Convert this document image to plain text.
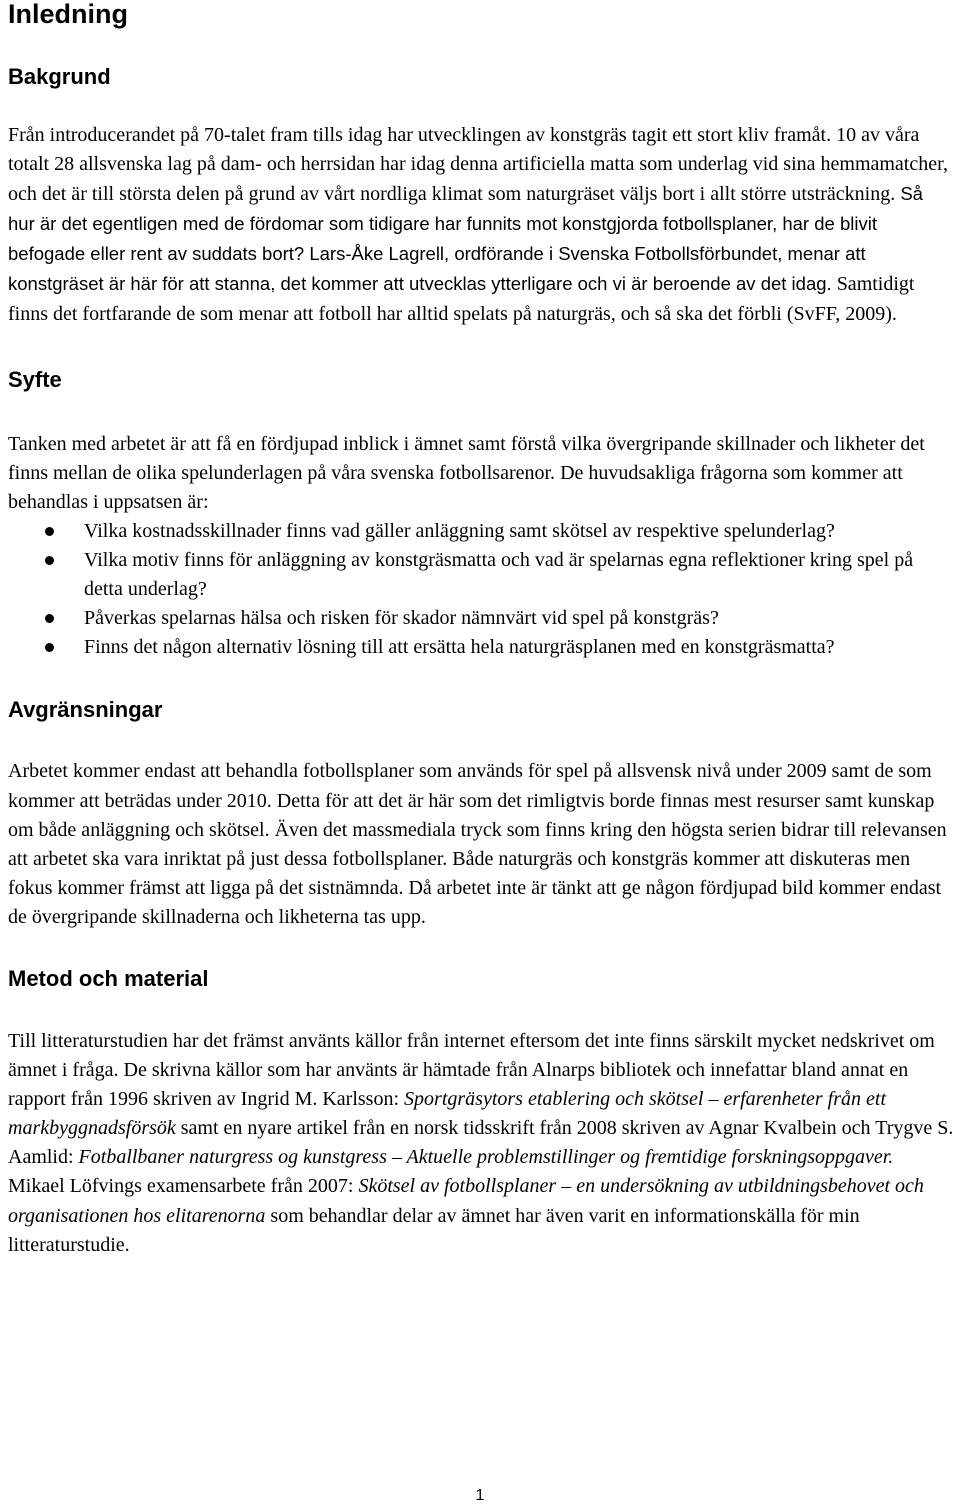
Inledning
Bakgrund

Från introducerandet på 70-talet fram tills idag har utvecklingen av konstgräs tagit ett stort kliv framåt. 10 av våra totalt 28 allsvenska lag på dam- och herrsidan har idag denna artificiella matta som underlag vid sina hemmamatcher, och det är till största delen på grund av vårt nordliga klimat som naturgräset väljs bort i allt större utsträckning. Så hur är det egentligen med de fördomar som tidigare har funnits mot konstgjorda fotbollsplaner, har de blivit befogade eller rent av suddats bort? Lars-Åke Lagrell, ordförande i Svenska Fotbollsförbundet, menar att konstgräset är här för att stanna, det kommer att utvecklas ytterligare och vi är beroende av det idag. Samtidigt finns det fortfarande de som menar att fotboll har alltid spelats på naturgräs, och så ska det förbli (SvFF, 2009).

Syfte

Tanken med arbetet är att få en fördjupad inblick i ämnet samt förstå vilka övergripande skillnader och likheter det finns mellan de olika spelunderlagen på våra svenska fotbollsarenor. De huvudsakliga frågorna som kommer att behandlas i uppsatsen är:

Vilka kostnadsskillnader finns vad gäller anläggning samt skötsel av respektive spelunderlag?
Vilka motiv finns för anläggning av konstgräsmatta och vad är spelarnas egna reflektioner kring spel på detta underlag?
Påverkas spelarnas hälsa och risken för skador nämnvärt vid spel på konstgräs?
Finns det någon alternativ lösning till att ersätta hela naturgräsplanen med en konstgräsmatta?
Avgränsningar

Arbetet kommer endast att behandla fotbollsplaner som används för spel på allsvensk nivå under 2009 samt de som kommer att beträdas under 2010. Detta för att det är här som det rimligtvis borde finnas mest resurser samt kunskap om både anläggning och skötsel. Även det massmediala tryck som finns kring den högsta serien bidrar till relevansen att arbetet ska vara inriktat på just dessa fotbollsplaner. Både naturgräs och konstgräs kommer att diskuteras men fokus kommer främst att ligga på det sistnämnda. Då arbetet inte är tänkt att ge någon fördjupad bild kommer endast de övergripande skillnaderna och likheterna tas upp.

Metod och material

Till litteraturstudien har det främst använts källor från internet eftersom det inte finns särskilt mycket nedskrivet om ämnet i fråga. De skrivna källor som har använts är hämtade från Alnarps bibliotek och innefattar bland annat en rapport från 1996 skriven av Ingrid M. Karlsson: Sportgräsytors etablering och skötsel – erfarenheter från ett markbyggnadsförsök samt en nyare artikel från en norsk tidsskrift från 2008 skriven av Agnar Kvalbein och Trygve S. Aamlid: Fotballbaner naturgress og kunstgress – Aktuelle problemstillinger og fremtidige forskningsoppgaver. Mikael Löfvings examensarbete från 2007: Skötsel av fotbollsplaner – en undersökning av utbildningsbehovet och organisationen hos elitarenorna som behandlar delar av ämnet har även varit en informationskälla för min litteraturstudie.

1
